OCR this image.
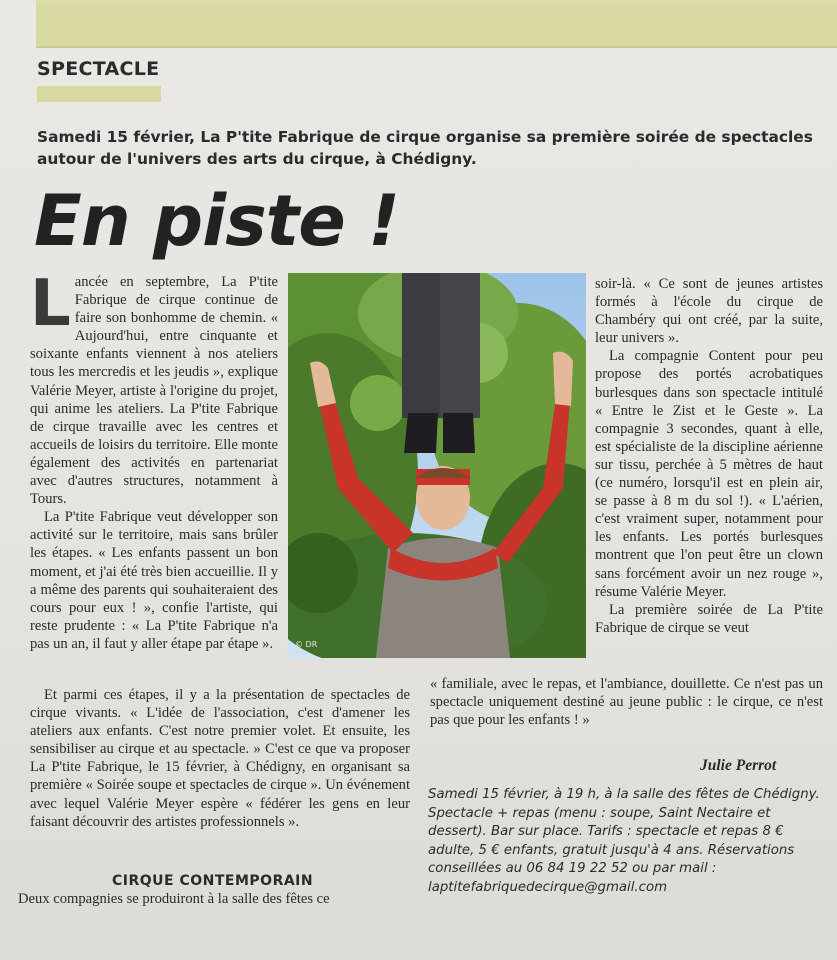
SPECTACLE
Samedi 15 février, La P'tite Fabrique de cirque organise sa première soirée de spectacles autour de l'univers des arts du cirque, à Chédigny.
En piste !

Lancée en septembre, La P'tite Fabrique de cirque continue de faire son bonhomme de chemin. « Aujourd'hui, entre cinquante et soixante enfants viennent à nos ateliers tous les mercredis et les jeudis », explique Valérie Meyer, artiste à l'origine du projet, qui anime les ateliers. La P'tite Fabrique de cirque travaille avec les centres et accueils de loisirs du territoire. Elle monte également des activités en partenariat avec d'autres structures, notamment à Tours.

La P'tite Fabrique veut développer son activité sur le territoire, mais sans brûler les étapes. « Les enfants passent un bon moment, et j'ai été très bien accueillie. Il y a même des parents qui souhaiteraient des cours pour eux ! », confie l'artiste, qui reste prudente : « La P'tite Fabrique n'a pas un an, il faut y aller étape par étape ».	© DR

soir-là. « Ce sont de jeunes artistes formés à l'école du cirque de Chambéry qui ont créé, par la suite, leur univers ».

La compagnie Content pour peu propose des portés acrobatiques burlesques dans son spectacle intitulé « Entre le Zist et le Geste ». La compagnie 3 secondes, quant à elle, est spécialiste de la discipline aérienne sur tissu, perchée à 5 mètres de haut (ce numéro, lorsqu'il est en plein air, se passe à 8 m du sol !). « L'aérien, c'est vraiment super, notamment pour les enfants. Les portés burlesques montrent que l'on peut être un clown sans forcément avoir un nez rouge », résume Valérie Meyer.

La première soirée de La P'tite Fabrique de cirque se veut

« familiale, avec le repas, et l'ambiance, douillette. Ce n'est pas un spectacle uniquement destiné au jeune public : le cirque, ce n'est pas que pour les enfants ! »

Julie Perrot
Samedi 15 février, à 19 h, à la salle des fêtes de Chédigny. Spectacle + repas (menu : soupe, Saint Nectaire et dessert). Bar sur place. Tarifs : spectacle et repas 8 € adulte, 5 € enfants, gratuit jusqu'à 4 ans. Réservations conseillées au 06 84 19 22 52 ou par mail : laptitefabriquedecirque@gmail.com

Et parmi ces étapes, il y a la présentation de spectacles de cirque vivants. « L'idée de l'association, c'est d'amener les ateliers aux enfants. C'est notre premier volet. Et ensuite, les sensibiliser au cirque et au spectacle. » C'est ce que va proposer La P'tite Fabrique, le 15 février, à Chédigny, en organisant sa première « Soirée soupe et spectacles de cirque ». Un événement avec lequel Valérie Meyer espère « fédérer les gens en leur faisant découvrir des artistes professionnels ».

CIRQUE CONTEMPORAIN
Deux compagnies se produiront à la salle des fêtes ce
